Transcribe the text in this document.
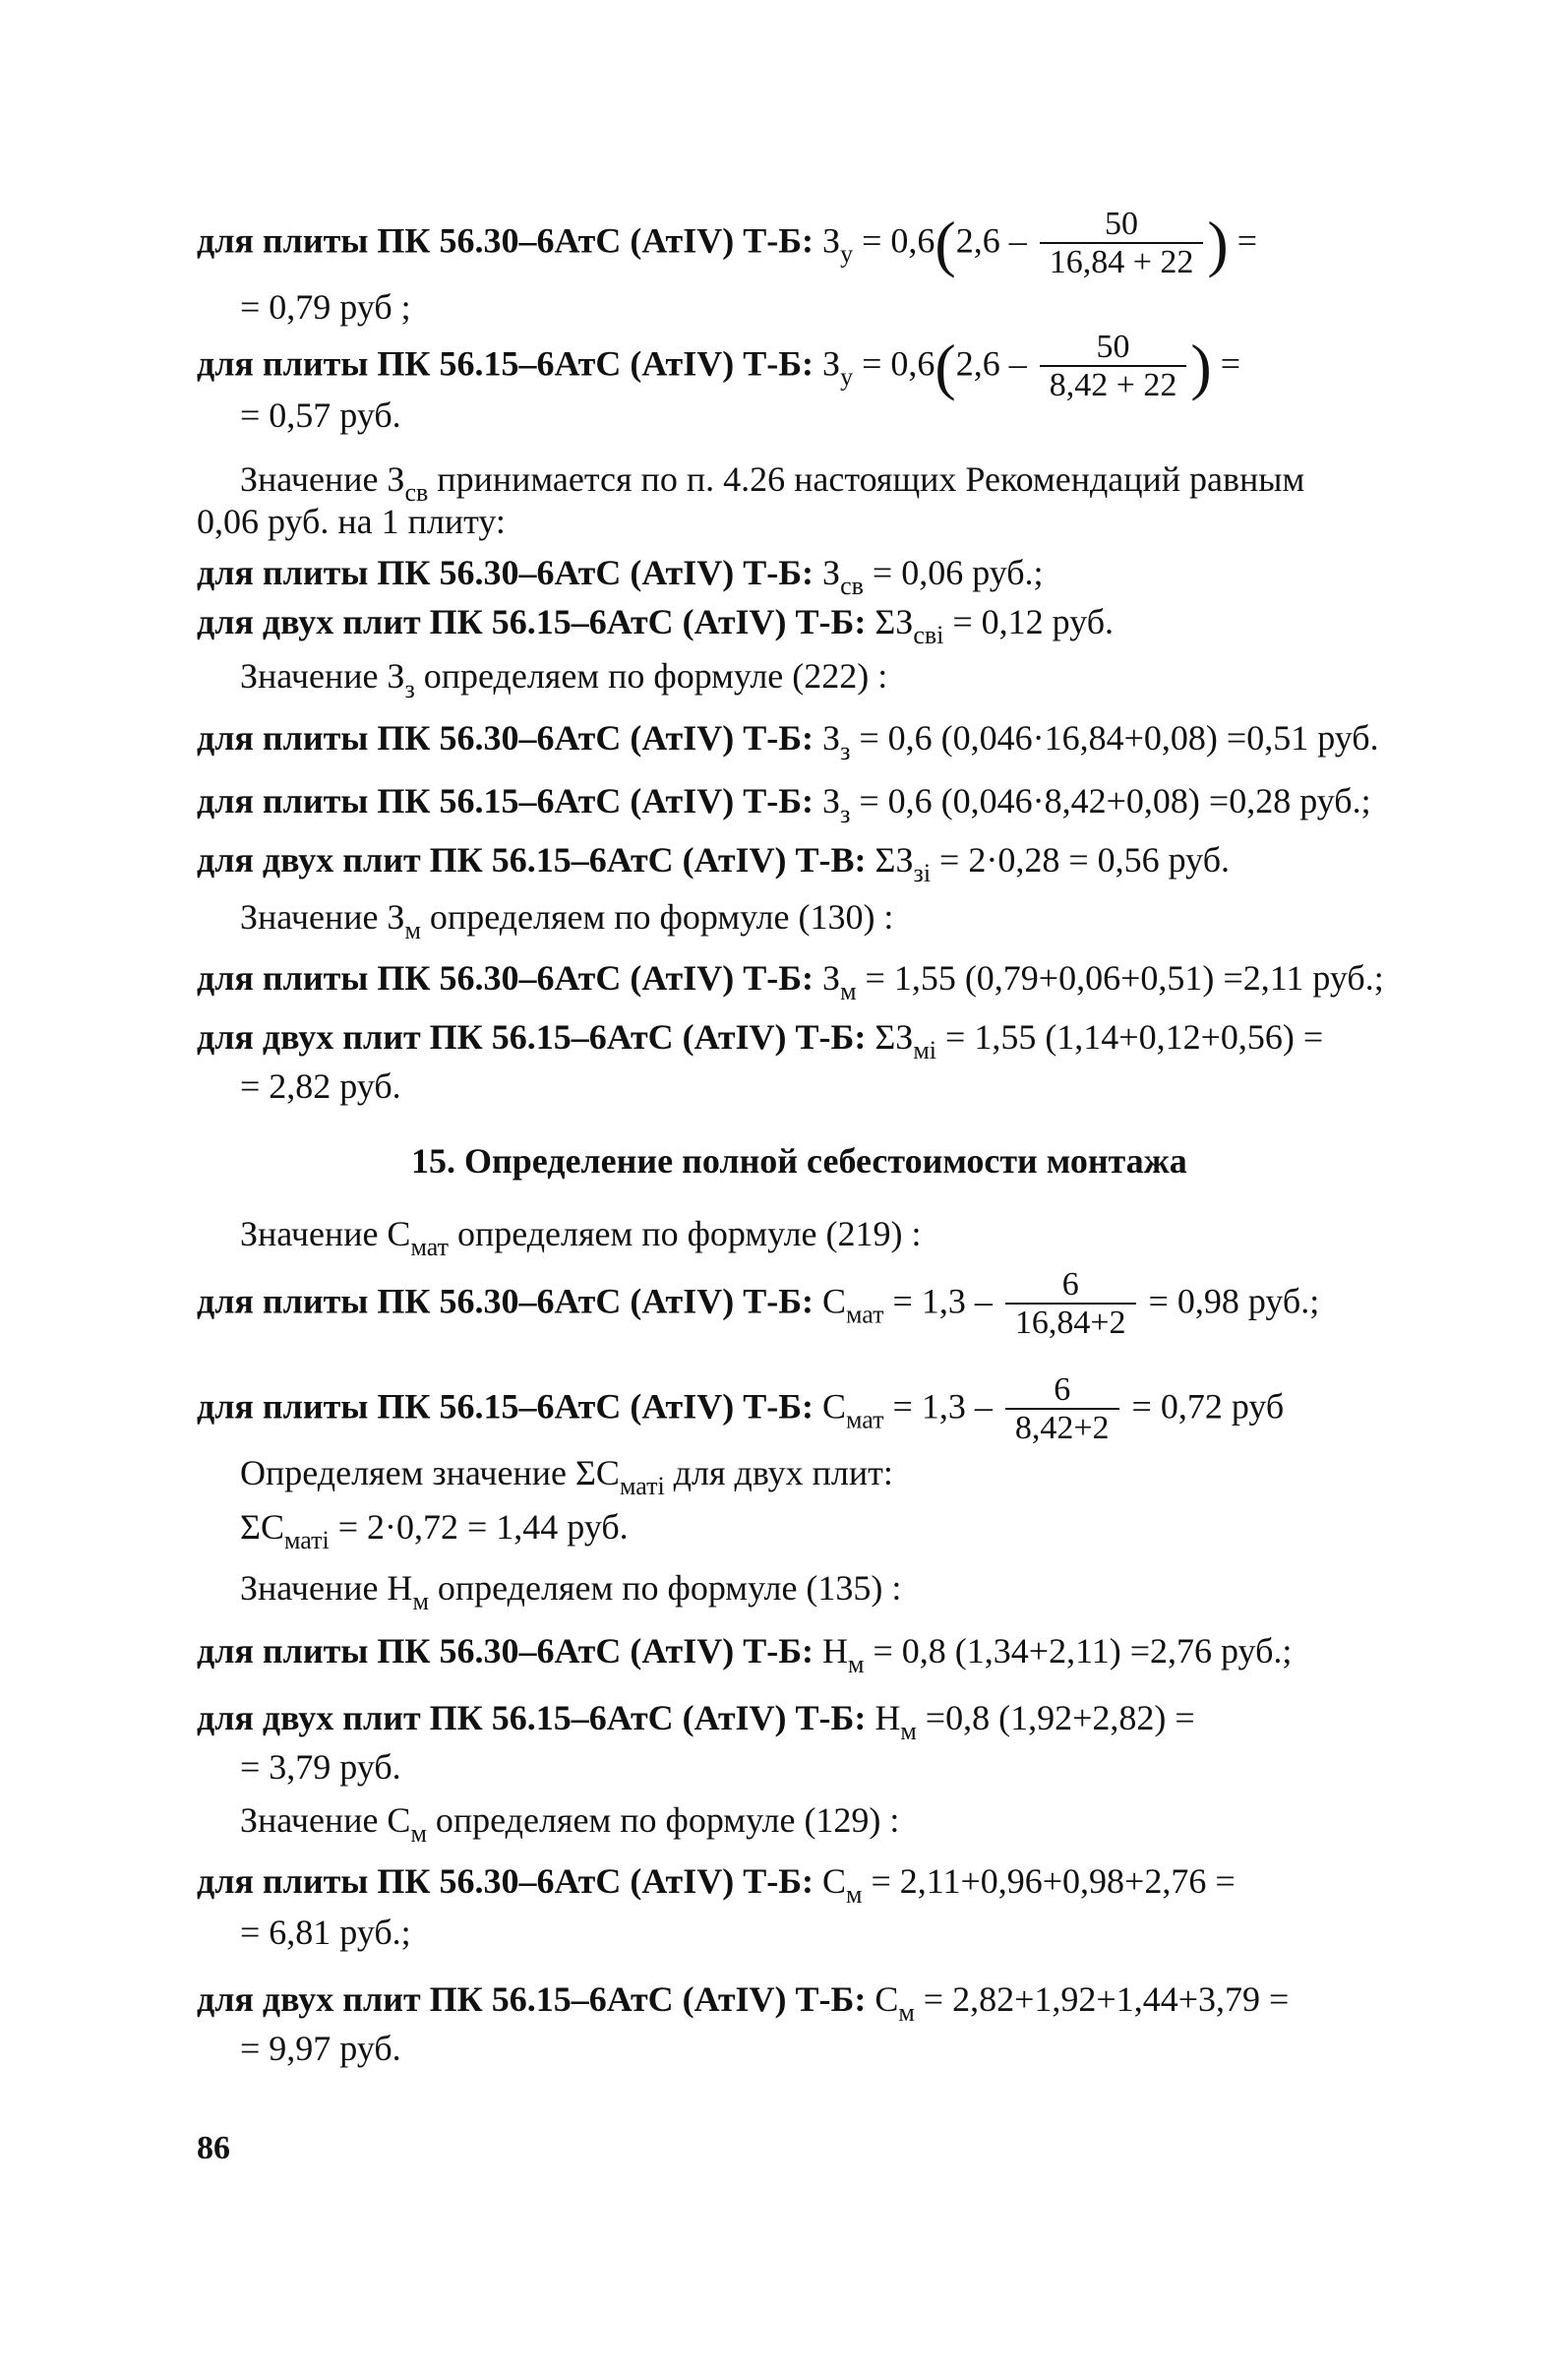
для плиты ПК 56.30–6АтС (АтIV) Т-Б: $З_у = 0,6(2,6 - \frac{50}{16,84 + 22}$ ) =
= 0,79 руб ;
для плиты ПК 56.15–6АтС (АтIV) Т-Б: $З_у = 0,6(2,6 - \frac{50}{8,42 + 22}$ ) =
= 0,57 руб.
Значение $З_{св}$ принимается по п. 4.26 настоящих Рекомендаций равным
0,06 руб. на 1 плиту:
для плиты ПК 56.30–6АтС (АтIV) Т-Б: $З_{св} = 0,06$ руб.;
для двух плит ПК 56.15–6АтС (АтIV) Т-Б: $\Sigma З_{свi} = 0,12$ руб.
Значение $З_з$ определяем по формуле (222) :
для плиты ПК 56.30–6АтС (АтIV) Т-Б: $З_з = 0,6$ (0,046·16,84+0,08) =0,51 руб.
для плиты ПК 56.15–6АтС (АтIV) Т-Б: $З_з = 0,6$ (0,046·8,42+0,08) =0,28 руб.;
для двух плит ПК 56.15–6АтС (АтIV) Т-В: $\Sigma З_{зi} = 2\cdot 0,28 = 0,56$ руб.
Значение $З_м$ определяем по формуле (130) :
для плиты ПК 56.30–6АтС (АтIV) Т-Б: $З_м = 1,55$ (0,79+0,06+0,51) =2,11 руб.;
для двух плит ПК 56.15–6АтС (АтIV) Т-Б: $\Sigma З_{мi} = 1,55$ (1,14+0,12+0,56) =
= 2,82 руб.
15. Определение полной себестоимости монтажа
Значение $С_{мат}$ определяем по формуле (219) :
для плиты ПК 56.30–6АтС (АтIV) Т-Б: $С_{мат} = 1,3 - \frac{6}{16,84+2} = 0,98$ руб.;
для плиты ПК 56.15–6АтС (АтIV) Т-Б: $С_{мат} = 1,3 - \frac{6}{8,42+2} = 0,72$ руб
Определяем значение $\Sigma С_{матi}$ для двух плит:
$\Sigma С_{матi} = 2\cdot 0,72 = 1,44$ руб.
Значение $Н_м$ определяем по формуле (135) :
для плиты ПК 56.30–6АтС (АтIV) Т-Б: $Н_м = 0,8$ (1,34+2,11) =2,76 руб.;
для двух плит ПК 56.15–6АтС (АтIV) Т-Б: $Н_м =0,8$ (1,92+2,82) =
= 3,79 руб.
Значение $С_м$ определяем по формуле (129) :
для плиты ПК 56.30–6АтС (АтIV) Т-Б: $С_м = 2,11+0,96+0,98+2,76$ =
= 6,81 руб.;
для двух плит ПК 56.15–6АтС (АтIV) Т-Б: $С_м = 2,82+1,92+1,44+3,79$ =
= 9,97 руб.
86
